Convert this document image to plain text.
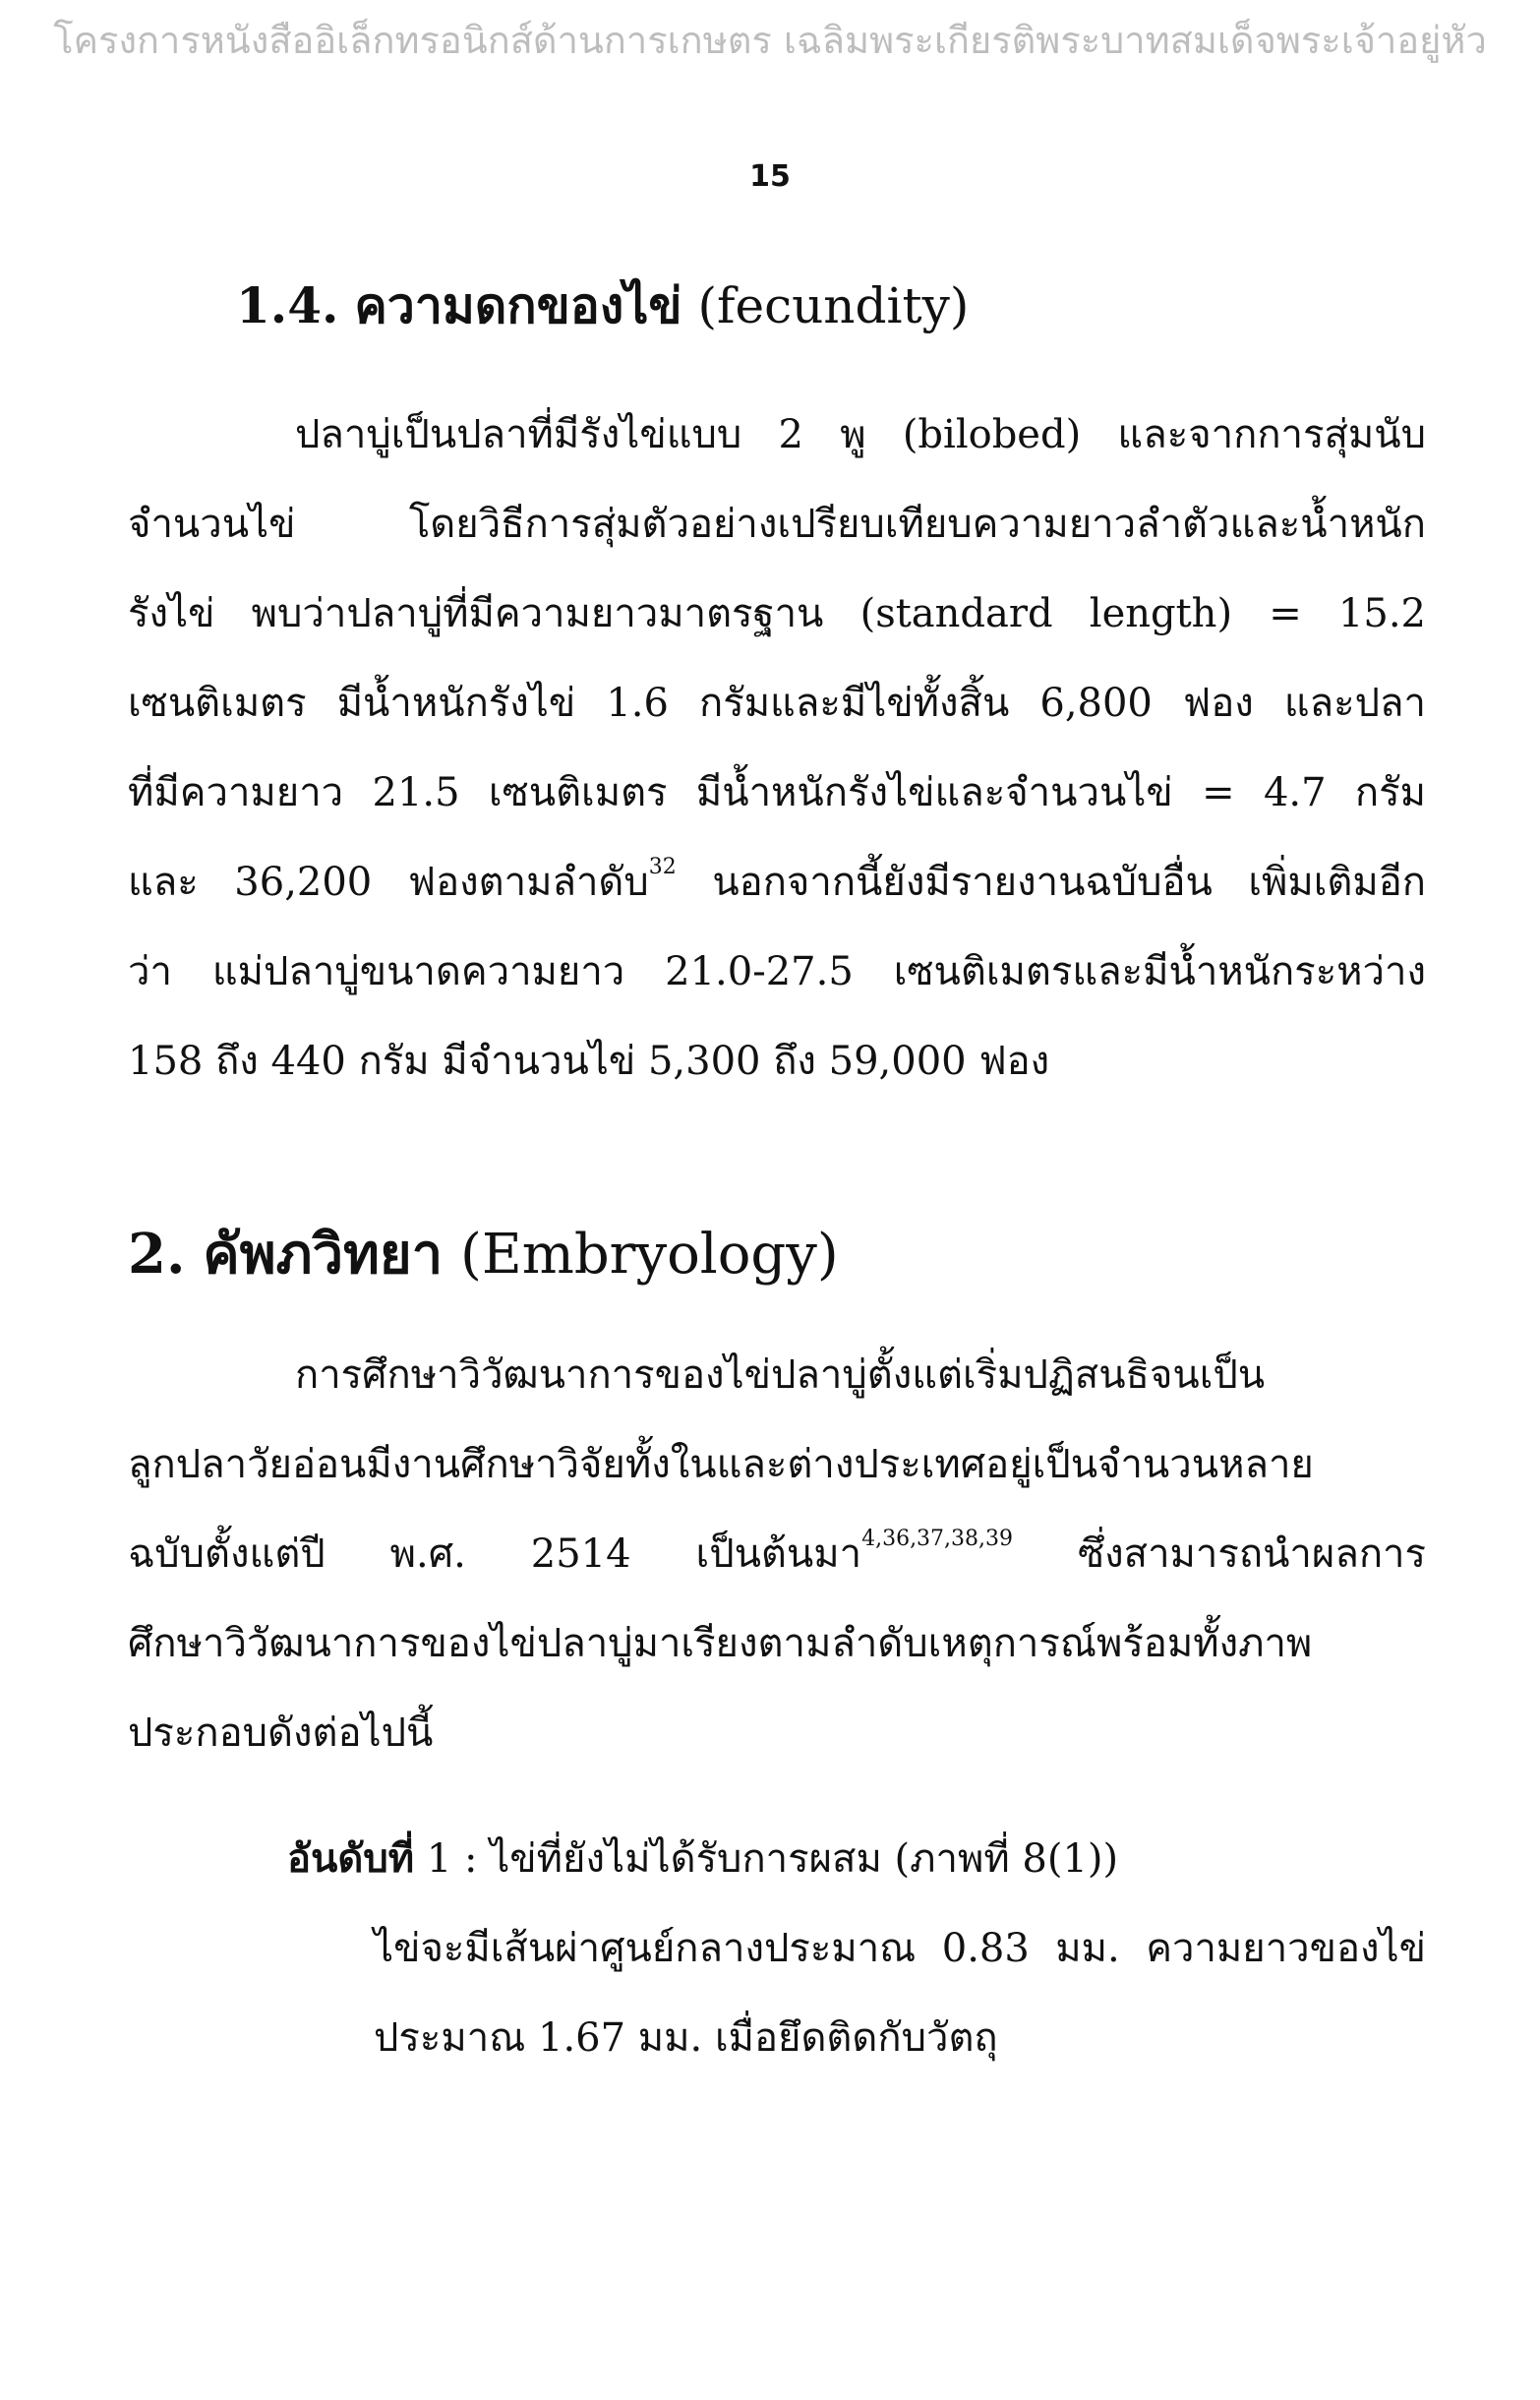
โครงการหนังสืออิเล็กทรอนิกส์ด้านการเกษตร เฉลิมพระเกียรติพระบาทสมเด็จพระเจ้าอยู่หัว
15
1.4. ความดกของไข่ (fecundity)
ปลาบู่เป็นปลาที่มีรังไข่แบบ 2 พู (bilobed) และจากการสุ่มนับ
จำนวนไข่ โดยวิธีการสุ่มตัวอย่างเปรียบเทียบความยาวลำตัวและน้ำหนัก
รังไข่ พบว่าปลาบู่ที่มีความยาวมาตรฐาน (standard length) = 15.2
เซนติเมตร มีน้ำหนักรังไข่ 1.6 กรัมและมีไข่ทั้งสิ้น 6,800 ฟอง และปลา
ที่มีความยาว 21.5 เซนติเมตร มีน้ำหนักรังไข่และจำนวนไข่ = 4.7 กรัม
และ 36,200 ฟองตามลำดับ$^{32}$ นอกจากนี้ยังมีรายงานฉบับอื่น เพิ่มเติมอีก
ว่า แม่ปลาบู่ขนาดความยาว 21.0-27.5 เซนติเมตรและมีน้ำหนักระหว่าง
158 ถึง 440 กรัม มีจำนวนไข่ 5,300 ถึง 59,000 ฟอง
2. คัพภวิทยา (Embryology)
การศึกษาวิวัฒนาการของไข่ปลาบู่ตั้งแต่เริ่มปฏิสนธิจนเป็น
ลูกปลาวัยอ่อนมีงานศึกษาวิจัยทั้งในและต่างประเทศอยู่เป็นจำนวนหลาย
ฉบับตั้งแต่ปี พ.ศ. 2514 เป็นต้นมา$^{4,36,37,38,39}$ ซึ่งสามารถนำผลการ
ศึกษาวิวัฒนาการของไข่ปลาบู่มาเรียงตามลำดับเหตุการณ์พร้อมทั้งภาพ
ประกอบดังต่อไปนี้
อันดับที่ 1 : ไข่ที่ยังไม่ได้รับการผสม (ภาพที่ 8(1))
ไข่จะมีเส้นผ่าศูนย์กลางประมาณ 0.83 มม. ความยาวของไข่
ประมาณ 1.67 มม. เมื่อยึดติดกับวัตถุ
